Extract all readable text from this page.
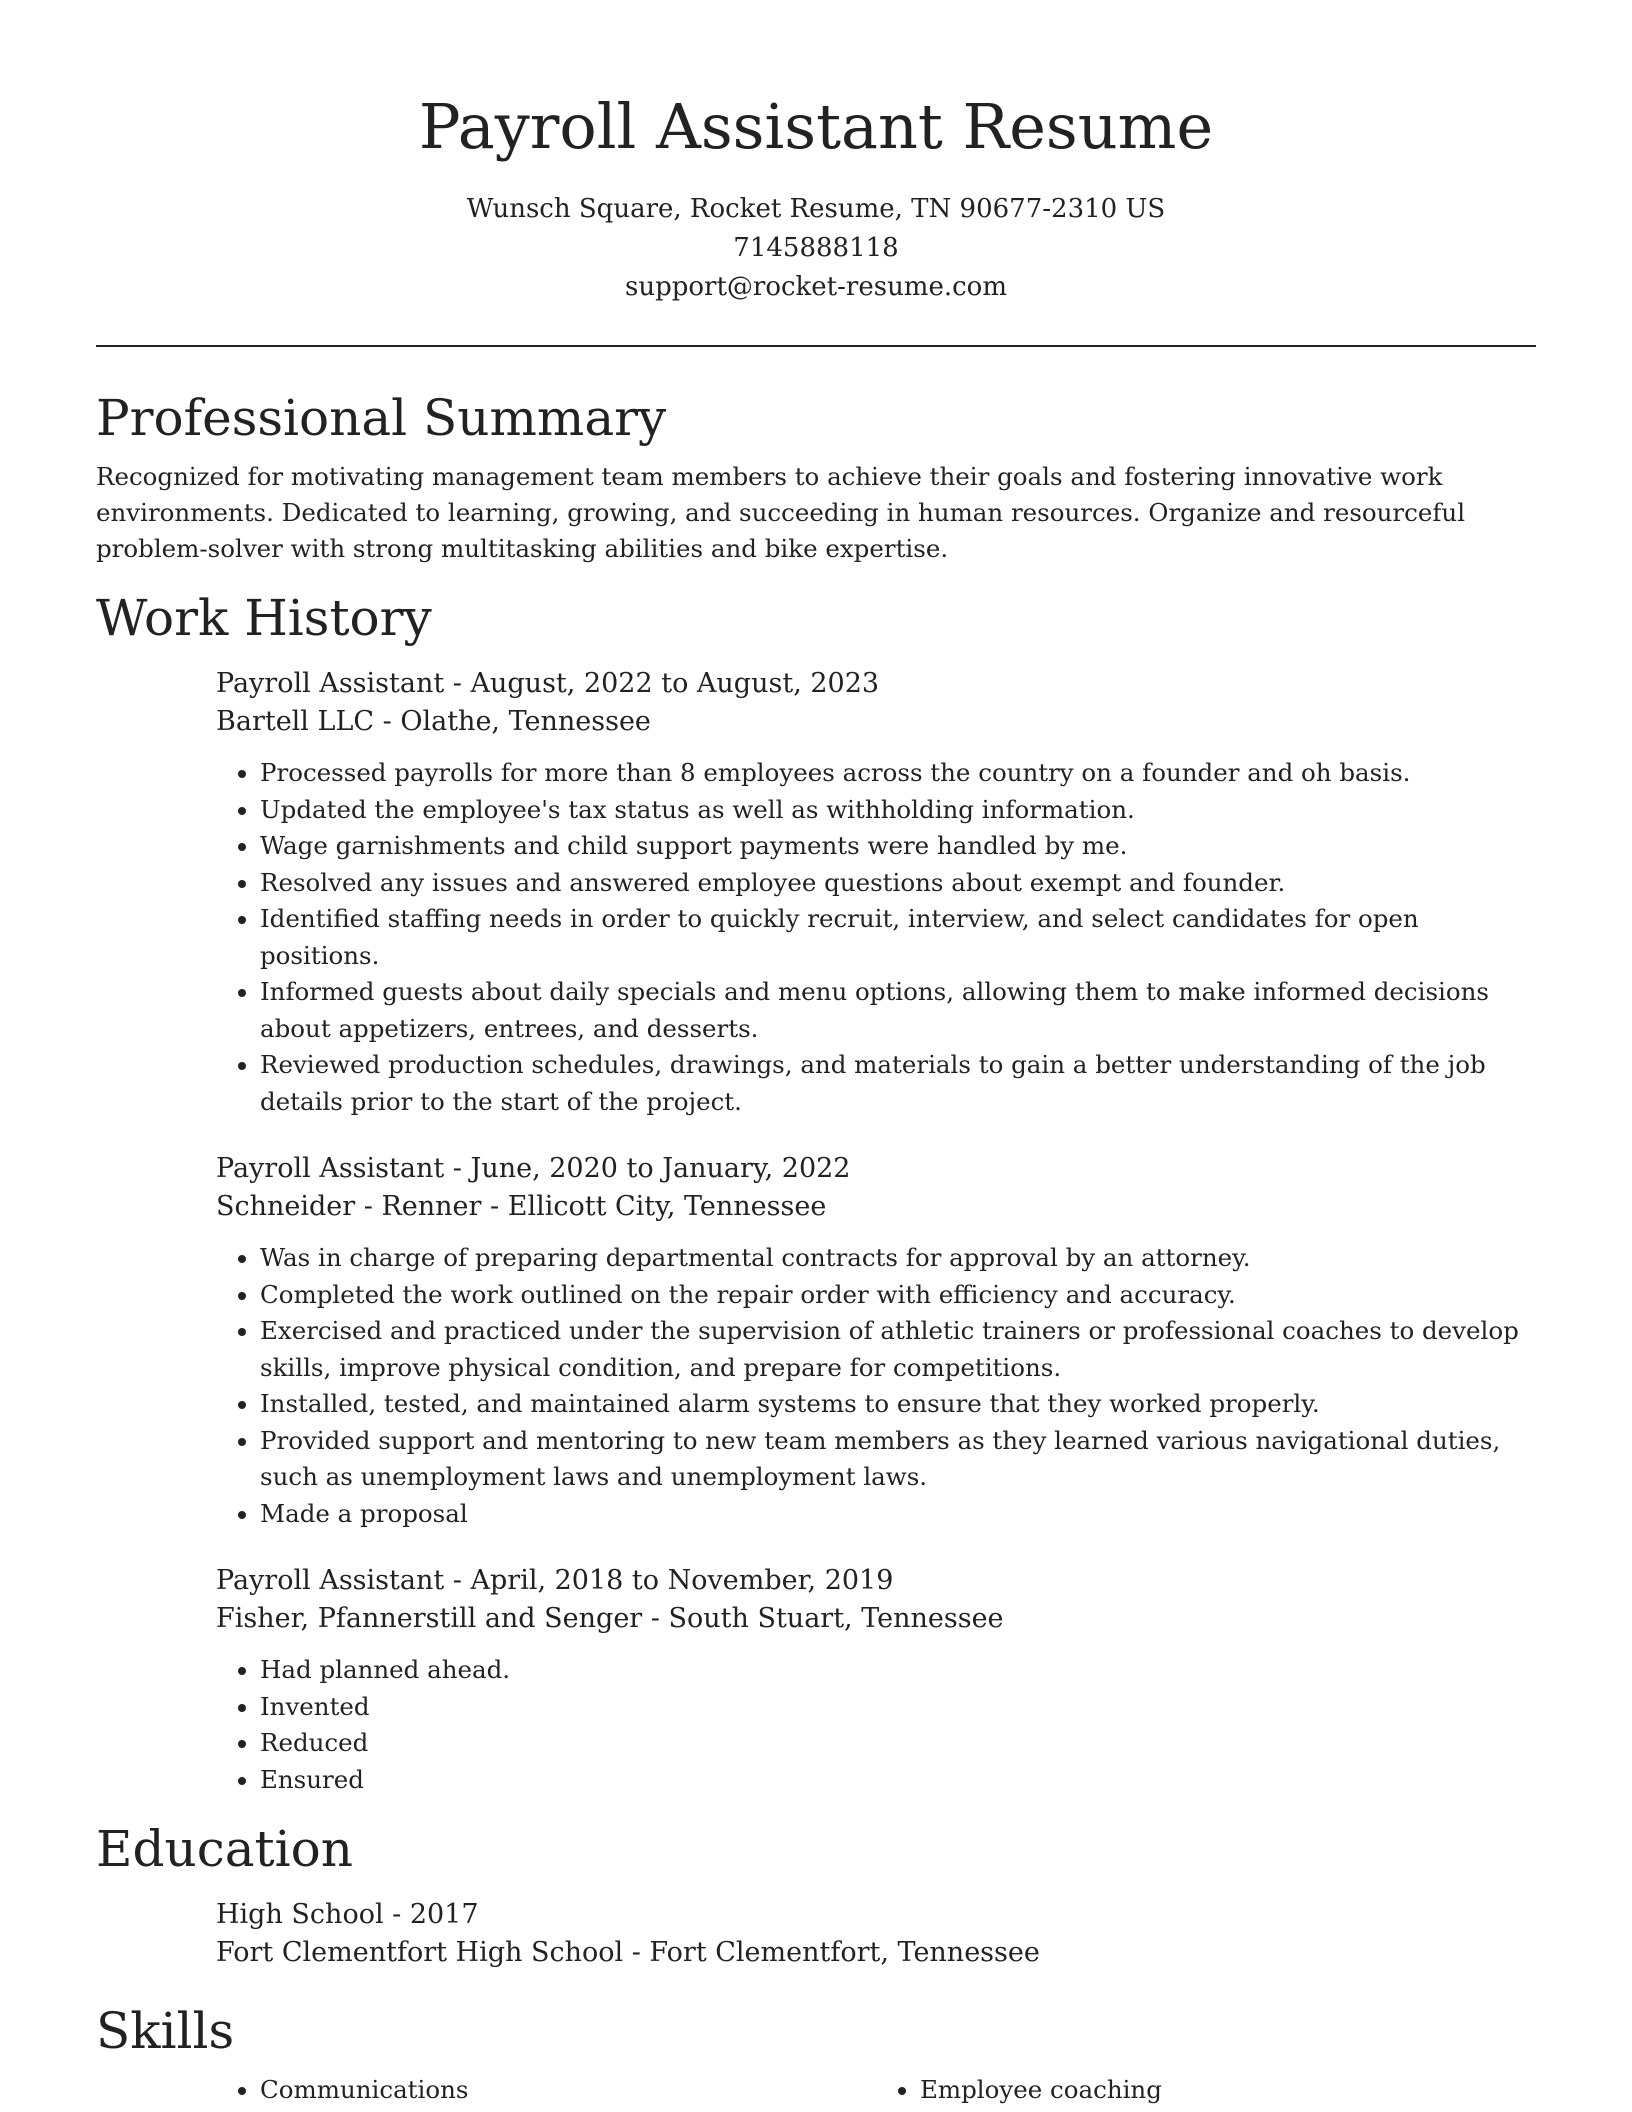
Payroll Assistant Resume
Wunsch Square, Rocket Resume, TN 90677-2310 US
7145888118
support@rocket-resume.com
Professional Summary

Recognized for motivating management team members to achieve their goals and fostering innovative work environments. Dedicated to learning, growing, and succeeding in human resources. Organize and resourceful problem-solver with strong multitasking abilities and bike expertise.

Work History
Payroll Assistant - August, 2022 to August, 2023
Bartell LLC - Olathe, Tennessee
• Processed payrolls for more than 8 employees across the country on a founder and oh basis.
• Updated the employee's tax status as well as withholding information.
• Wage garnishments and child support payments were handled by me.
• Resolved any issues and answered employee questions about exempt and founder.
• Identified staffing needs in order to quickly recruit, interview, and select candidates for open positions.
• Informed guests about daily specials and menu options, allowing them to make informed decisions about appetizers, entrees, and desserts.
• Reviewed production schedules, drawings, and materials to gain a better understanding of the job details prior to the start of the project.
Payroll Assistant - June, 2020 to January, 2022
Schneider - Renner - Ellicott City, Tennessee
• Was in charge of preparing departmental contracts for approval by an attorney.
• Completed the work outlined on the repair order with efficiency and accuracy.
• Exercised and practiced under the supervision of athletic trainers or professional coaches to develop skills, improve physical condition, and prepare for competitions.
• Installed, tested, and maintained alarm systems to ensure that they worked properly.
• Provided support and mentoring to new team members as they learned various navigational duties, such as unemployment laws and unemployment laws.
• Made a proposal
Payroll Assistant - April, 2018 to November, 2019
Fisher, Pfannerstill and Senger - South Stuart, Tennessee
• Had planned ahead.
• Invented
• Reduced
• Ensured
Education
High School - 2017
Fort Clementfort High School - Fort Clementfort, Tennessee
Skills
• Communications
•	Employee coaching
